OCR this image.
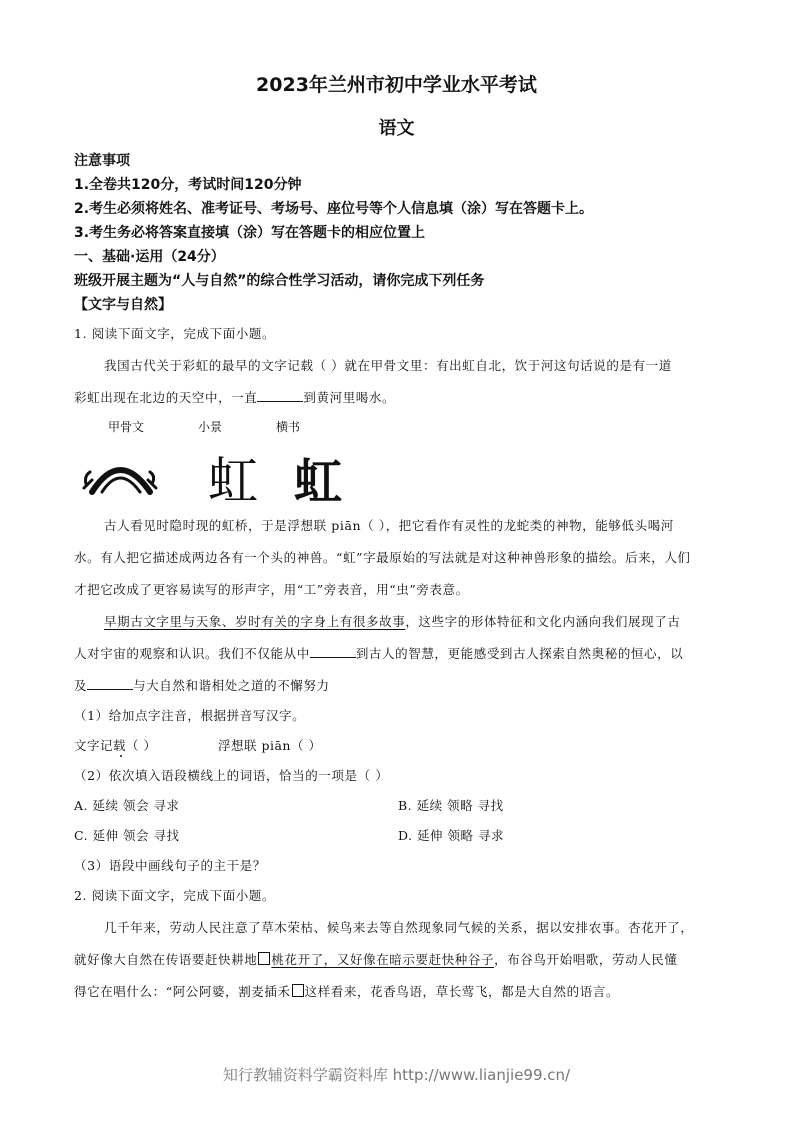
2023年兰州市初中学业水平考试
语文
注意事项
1.全卷共120分，考试时间120分钟
2.考生必须将姓名、准考证号、考场号、座位号等个人信息填（涂）写在答题卡上。
3.考生务必将答案直接填（涂）写在答题卡的相应位置上
一、基础·运用（24分）
班级开展主题为“人与自然”的综合性学习活动，请你完成下列任务
【文字与自然】
1. 阅读下面文字，完成下面小题。
我国古代关于彩虹的最早的文字记载（ ）就在甲骨文里：有出虹自北，饮于河这句话说的是有一道
彩虹出现在北边的天空中，一直	到黄河里喝水。
甲骨文	小景	横书
虹 虹
古人看见时隐时现的虹桥，于是浮想联 piān（ ），把它看作有灵性的龙蛇类的神物，能够低头喝河
水。有人把它描述成两边各有一个头的神兽。“虹”字最原始的写法就是对这种神兽形象的描绘。后来，人们
才把它改成了更容易读写的形声字，用“工”旁表音，用“虫”旁表意。
早期古文字里与天象、岁时有关的字身上有很多故事，这些字的形体特征和文化内涵向我们展现了古
人对宇宙的观察和认识。我们不仅能从中	到古人的智慧，更能感受到古人探索自然奥秘的恒心，以
及	与大自然和谐相处之道的不懈努力
（1）给加点字注音，根据拼音写汉字。
文字记载（ ）	浮想联 piān（ ）
（2）依次填入语段横线上的词语，恰当的一项是（ ）
A. 延续 领会 寻求	B. 延续 领略 寻找
C. 延伸 领会 寻找	D. 延伸 领略 寻求
（3）语段中画线句子的主干是？
2. 阅读下面文字，完成下面小题。
几千年来，劳动人民注意了草木荣枯、候鸟来去等自然现象同气候的关系，据以安排农事。杏花开了，
就好像大自然在传语要赶快耕地 桃花开了，又好像在暗示要赶快种谷子，布谷鸟开始唱歌，劳动人民懂
得它在唱什么：“阿公阿婆，割麦插禾 这样看来，花香鸟语，草长莺飞，都是大自然的语言。
知行教辅资料学霸资料库 http://www.lianjie99.cn/
